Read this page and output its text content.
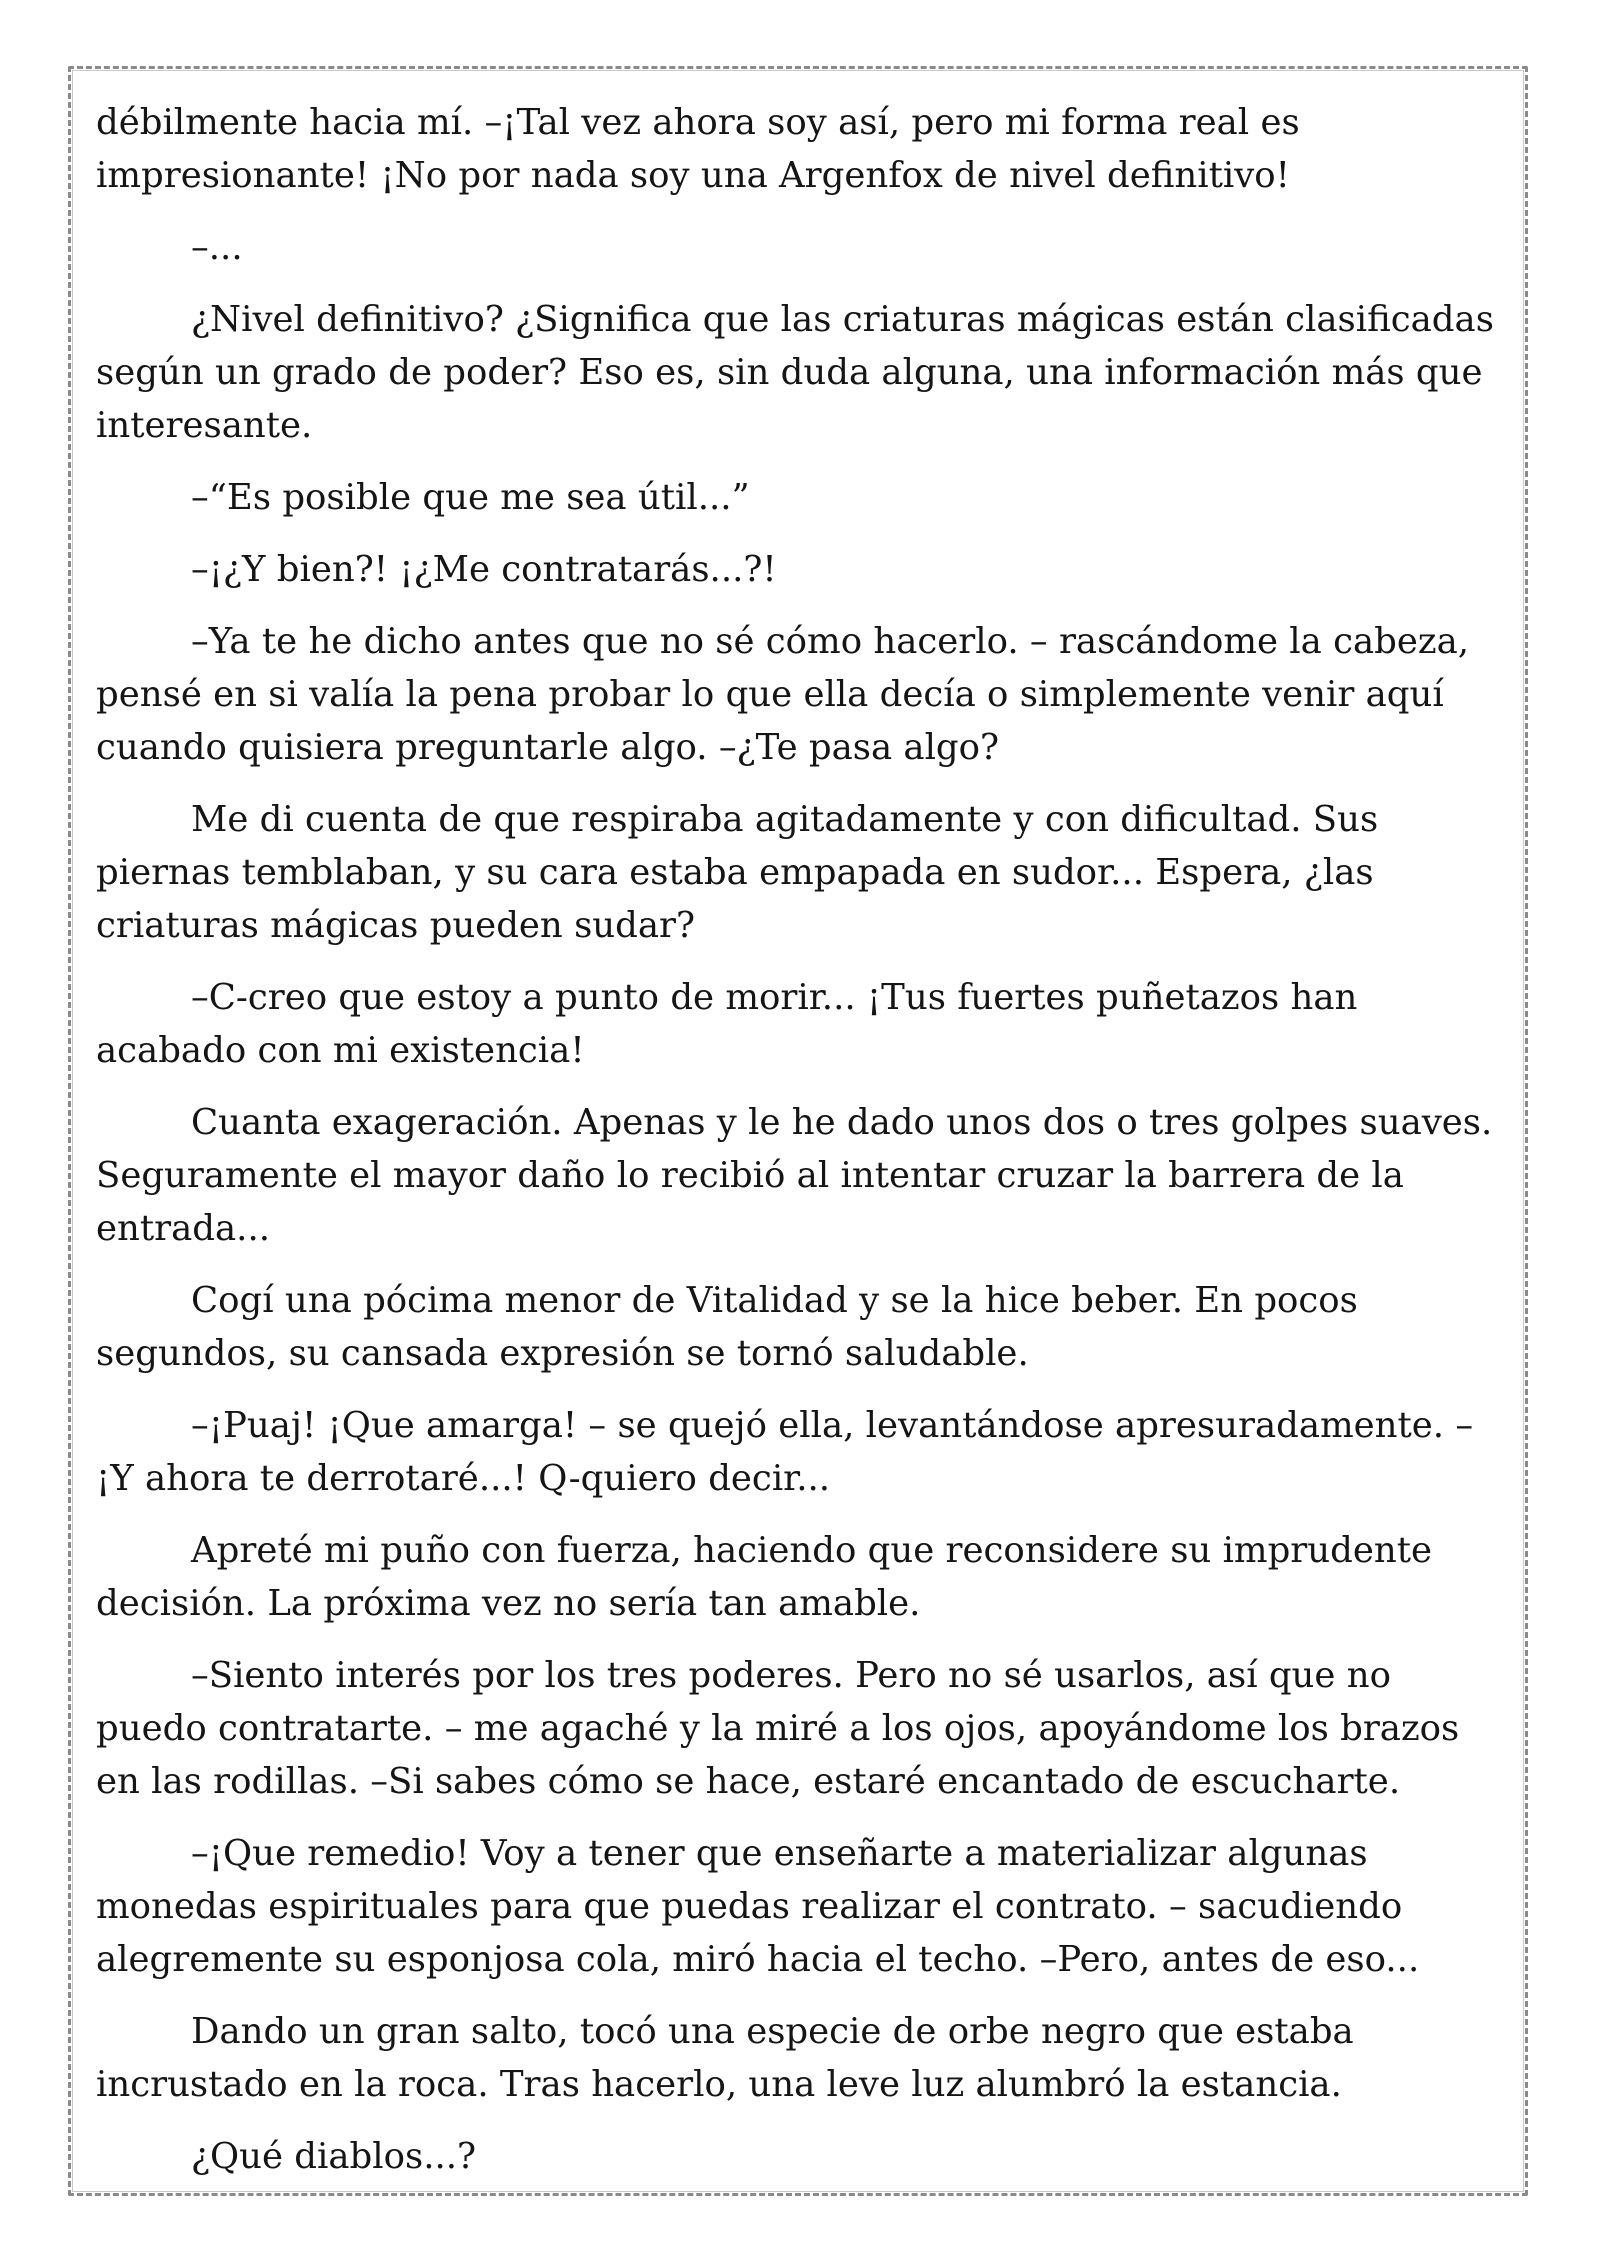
débilmente hacia mí. –¡Tal vez ahora soy así, pero mi forma real es impresionante! ¡No por nada soy una Argenfox de nivel definitivo!

–...

¿Nivel definitivo? ¿Significa que las criaturas mágicas están clasificadas según un grado de poder? Eso es, sin duda alguna, una información más que interesante.

–“Es posible que me sea útil...”

–¡¿Y bien?! ¡¿Me contratarás...?!

–Ya te he dicho antes que no sé cómo hacerlo. – rascándome la cabeza, pensé en si valía la pena probar lo que ella decía o simplemente venir aquí cuando quisiera preguntarle algo. –¿Te pasa algo?

Me di cuenta de que respiraba agitadamente y con dificultad. Sus piernas temblaban, y su cara estaba empapada en sudor... Espera, ¿las criaturas mágicas pueden sudar?

–C-creo que estoy a punto de morir... ¡Tus fuertes puñetazos han acabado con mi existencia!

Cuanta exageración. Apenas y le he dado unos dos o tres golpes suaves. Seguramente el mayor daño lo recibió al intentar cruzar la barrera de la entrada...

Cogí una pócima menor de Vitalidad y se la hice beber. En pocos segundos, su cansada expresión se tornó saludable.

–¡Puaj! ¡Que amarga! – se quejó ella, levantándose apresuradamente. –¡Y ahora te derrotaré...! Q-quiero decir...

Apreté mi puño con fuerza, haciendo que reconsidere su imprudente decisión. La próxima vez no sería tan amable.

–Siento interés por los tres poderes. Pero no sé usarlos, así que no puedo contratarte. – me agaché y la miré a los ojos, apoyándome los brazos en las rodillas. –Si sabes cómo se hace, estaré encantado de escucharte.

–¡Que remedio! Voy a tener que enseñarte a materializar algunas monedas espirituales para que puedas realizar el contrato. – sacudiendo alegremente su esponjosa cola, miró hacia el techo. –Pero, antes de eso...

Dando un gran salto, tocó una especie de orbe negro que estaba incrustado en la roca. Tras hacerlo, una leve luz alumbró la estancia.

¿Qué diablos...?
